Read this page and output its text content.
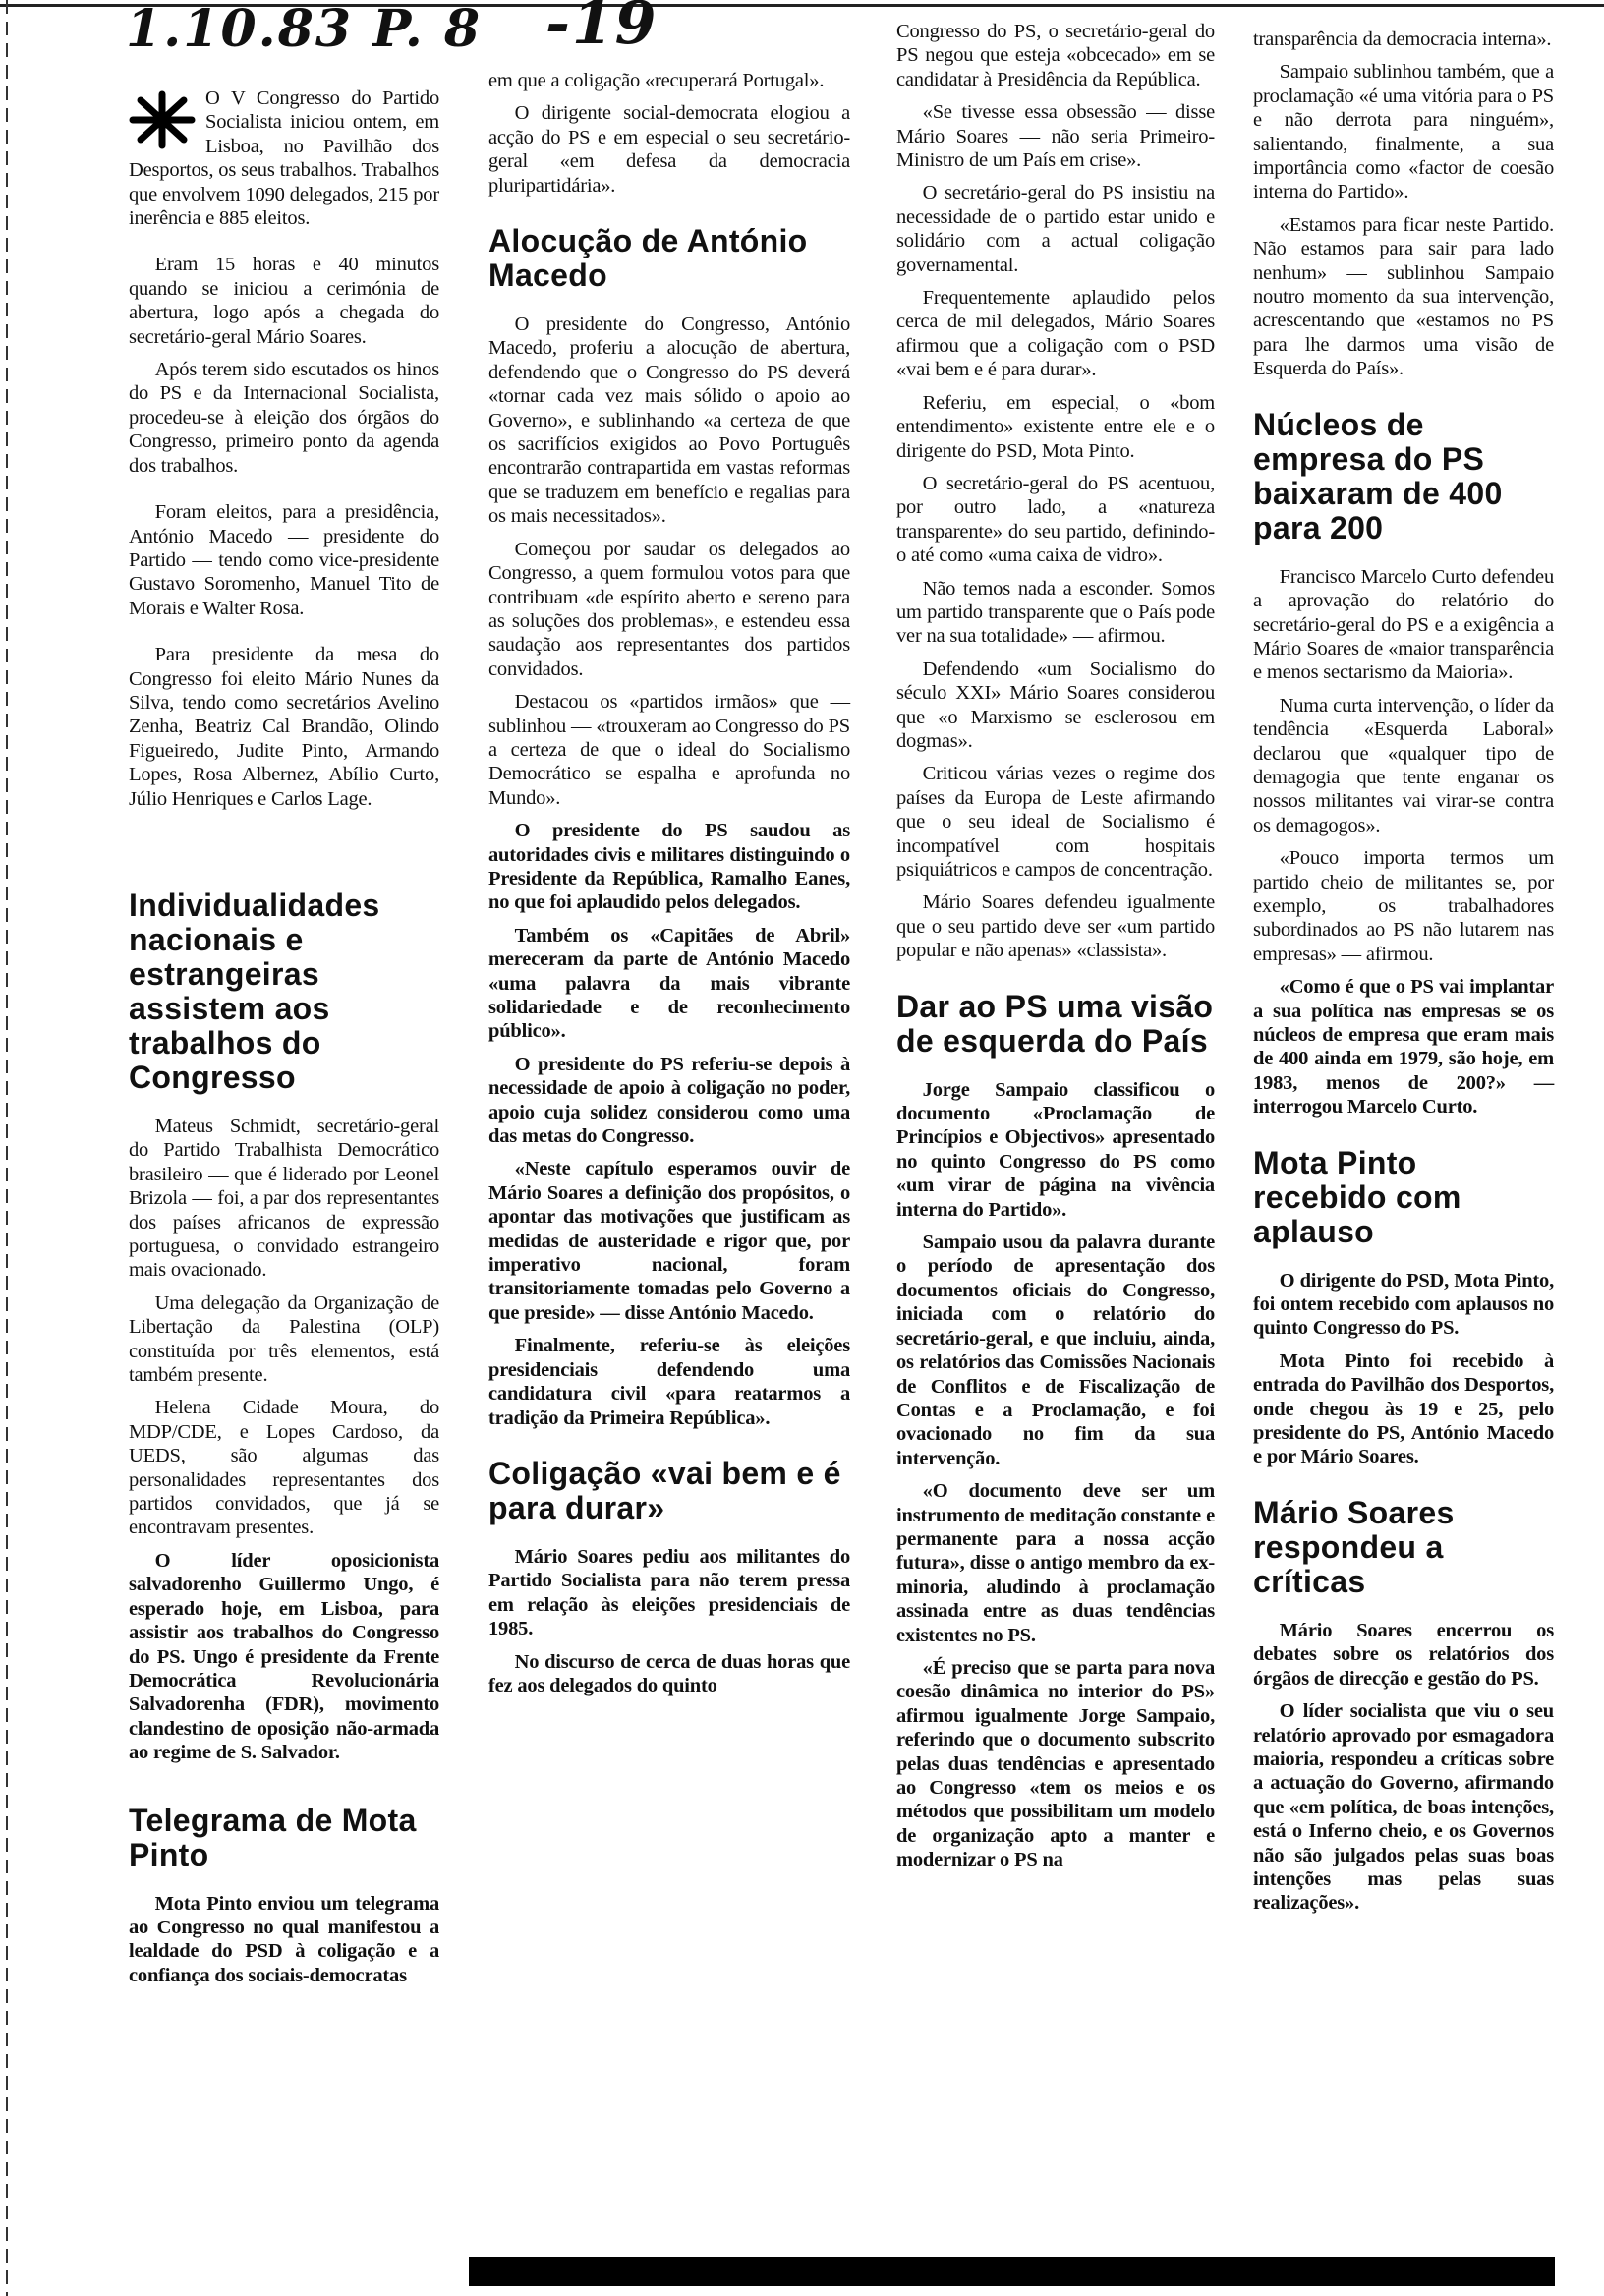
1.10.83 P. 8 -19

O V Congresso do Partido Socialista iniciou ontem, em Lisboa, no Pavilhão dos Desportos, os seus trabalhos. Trabalhos que envolvem 1090 delegados, 215 por inerência e 885 eleitos.

Eram 15 horas e 40 minutos quando se iniciou a cerimónia de abertura, logo após a chegada do secretário-geral Mário Soares.

Após terem sido escutados os hinos do PS e da Internacional Socialista, procedeu-se à eleição dos órgãos do Congresso, primeiro ponto da agenda dos trabalhos.

Foram eleitos, para a presidência, António Macedo — presidente do Partido — tendo como vice-presidente Gustavo Soromenho, Manuel Tito de Morais e Walter Rosa.

Para presidente da mesa do Congresso foi eleito Mário Nunes da Silva, tendo como secretários Avelino Zenha, Beatriz Cal Brandão, Olindo Figueiredo, Judite Pinto, Armando Lopes, Rosa Albernez, Abílio Curto, Júlio Henriques e Carlos Lage.

Individualidades nacionais e estrangeiras assistem aos trabalhos do Congresso

Mateus Schmidt, secretário-geral do Partido Trabalhista Democrático brasileiro — que é liderado por Leonel Brizola — foi, a par dos representantes dos países africanos de expressão portuguesa, o convidado estrangeiro mais ovacionado.

Uma delegação da Organização de Libertação da Palestina (OLP) constituída por três elementos, está também presente.

Helena Cidade Moura, do MDP/CDE, e Lopes Cardoso, da UEDS, são algumas das personalidades representantes dos partidos convidados, que já se encontravam presentes.

O líder oposicionista salvadorenho Guillermo Ungo, é esperado hoje, em Lisboa, para assistir aos trabalhos do Congresso do PS. Ungo é presidente da Frente Democrática Revolucionária Salvadorenha (FDR), movimento clandestino de oposição não-armada ao regime de S. Salvador.

Telegrama de Mota Pinto

Mota Pinto enviou um telegrama ao Congresso no qual manifestou a lealdade do PSD à coligação e a confiança dos sociais-democratas

em que a coligação «recuperará Portugal».

O dirigente social-democrata elogiou a acção do PS e em especial o seu secretário-geral «em defesa da democracia pluripartidária».

Alocução de António Macedo

O presidente do Congresso, António Macedo, proferiu a alocução de abertura, defendendo que o Congresso do PS deverá «tornar cada vez mais sólido o apoio ao Governo», e sublinhando «a certeza de que os sacrifícios exigidos ao Povo Português encontrarão contrapartida em vastas reformas que se traduzem em benefício e regalias para os mais necessitados».

Começou por saudar os delegados ao Congresso, a quem formulou votos para que contribuam «de espírito aberto e sereno para as soluções dos problemas», e estendeu essa saudação aos representantes dos partidos convidados.

Destacou os «partidos irmãos» que — sublinhou — «trouxeram ao Congresso do PS a certeza de que o ideal do Socialismo Democrático se espalha e aprofunda no Mundo».

O presidente do PS saudou as autoridades civis e militares distinguindo o Presidente da República, Ramalho Eanes, no que foi aplaudido pelos delegados.

Também os «Capitães de Abril» mereceram da parte de António Macedo «uma palavra da mais vibrante solidariedade e de reconhecimento público».

O presidente do PS referiu-se depois à necessidade de apoio à coligação no poder, apoio cuja solidez considerou como uma das metas do Congresso.

«Neste capítulo esperamos ouvir de Mário Soares a definição dos propósitos, o apontar das motivações que justificam as medidas de austeridade e rigor que, por imperativo nacional, foram transitoriamente tomadas pelo Governo a que preside» — disse António Macedo.

Finalmente, referiu-se às eleições presidenciais defendendo uma candidatura civil «para reatarmos a tradição da Primeira República».

Coligação «vai bem e é para durar»

Mário Soares pediu aos militantes do Partido Socialista para não terem pressa em relação às eleições presidenciais de 1985.

No discurso de cerca de duas horas que fez aos delegados do quinto

Congresso do PS, o secretário-geral do PS negou que esteja «obcecado» em se candidatar à Presidência da República.

«Se tivesse essa obsessão — disse Mário Soares — não seria Primeiro-Ministro de um País em crise».

O secretário-geral do PS insistiu na necessidade de o partido estar unido e solidário com a actual coligação governamental.

Frequentemente aplaudido pelos cerca de mil delegados, Mário Soares afirmou que a coligação com o PSD «vai bem e é para durar».

Referiu, em especial, o «bom entendimento» existente entre ele e o dirigente do PSD, Mota Pinto.

O secretário-geral do PS acentuou, por outro lado, a «natureza transparente» do seu partido, definindo-o até como «uma caixa de vidro».

Não temos nada a esconder. Somos um partido transparente que o País pode ver na sua totalidade» — afirmou.

Defendendo «um Socialismo do século XXI» Mário Soares considerou que «o Marxismo se esclerosou em dogmas».

Criticou várias vezes o regime dos países da Europa de Leste afirmando que o seu ideal de Socialismo é incompatível com hospitais psiquiátricos e campos de concentração.

Mário Soares defendeu igualmente que o seu partido deve ser «um partido popular e não apenas» «classista».

Dar ao PS uma visão de esquerda do País

Jorge Sampaio classificou o documento «Proclamação de Princípios e Objectivos» apresentado no quinto Congresso do PS como «um virar de página na vivência interna do Partido».

Sampaio usou da palavra durante o período de apresentação dos documentos oficiais do Congresso, iniciada com o relatório do secretário-geral, e que incluiu, ainda, os relatórios das Comissões Nacionais de Conflitos e de Fiscalização de Contas e a Proclamação, e foi ovacionado no fim da sua intervenção.

«O documento deve ser um instrumento de meditação constante e permanente para a nossa acção futura», disse o antigo membro da ex-minoria, aludindo à proclamação assinada entre as duas tendências existentes no PS.

«É preciso que se parta para nova coesão dinâmica no interior do PS» afirmou igualmente Jorge Sampaio, referindo que o documento subscrito pelas duas tendências e apresentado ao Congresso «tem os meios e os métodos que possibilitam um modelo de organização apto a manter e modernizar o PS na

transparência da democracia interna».

Sampaio sublinhou também, que a proclamação «é uma vitória para o PS e não derrota para ninguém», salientando, finalmente, a sua importância como «factor de coesão interna do Partido».

«Estamos para ficar neste Partido. Não estamos para sair para lado nenhum» — sublinhou Sampaio noutro momento da sua intervenção, acrescentando que «estamos no PS para lhe darmos uma visão de Esquerda do País».

Núcleos de empresa do PS baixaram de 400 para 200

Francisco Marcelo Curto defendeu a aprovação do relatório do secretário-geral do PS e a exigência a Mário Soares de «maior transparência e menos sectarismo da Maioria».

Numa curta intervenção, o líder da tendência «Esquerda Laboral» declarou que «qualquer tipo de demagogia que tente enganar os nossos militantes vai virar-se contra os demagogos».

«Pouco importa termos um partido cheio de militantes se, por exemplo, os trabalhadores subordinados ao PS não lutarem nas empresas» — afirmou.

«Como é que o PS vai implantar a sua política nas empresas se os núcleos de empresa que eram mais de 400 ainda em 1979, são hoje, em 1983, menos de 200?» — interrogou Marcelo Curto.

Mota Pinto recebido com aplauso

O dirigente do PSD, Mota Pinto, foi ontem recebido com aplausos no quinto Congresso do PS.

Mota Pinto foi recebido à entrada do Pavilhão dos Desportos, onde chegou às 19 e 25, pelo presidente do PS, António Macedo e por Mário Soares.

Mário Soares respondeu a críticas

Mário Soares encerrou os debates sobre os relatórios dos órgãos de direcção e gestão do PS.

O líder socialista que viu o seu relatório aprovado por esmagadora maioria, respondeu a críticas sobre a actuação do Governo, afirmando que «em política, de boas intenções, está o Inferno cheio, e os Governos não são julgados pelas suas boas intenções mas pelas suas realizações».
